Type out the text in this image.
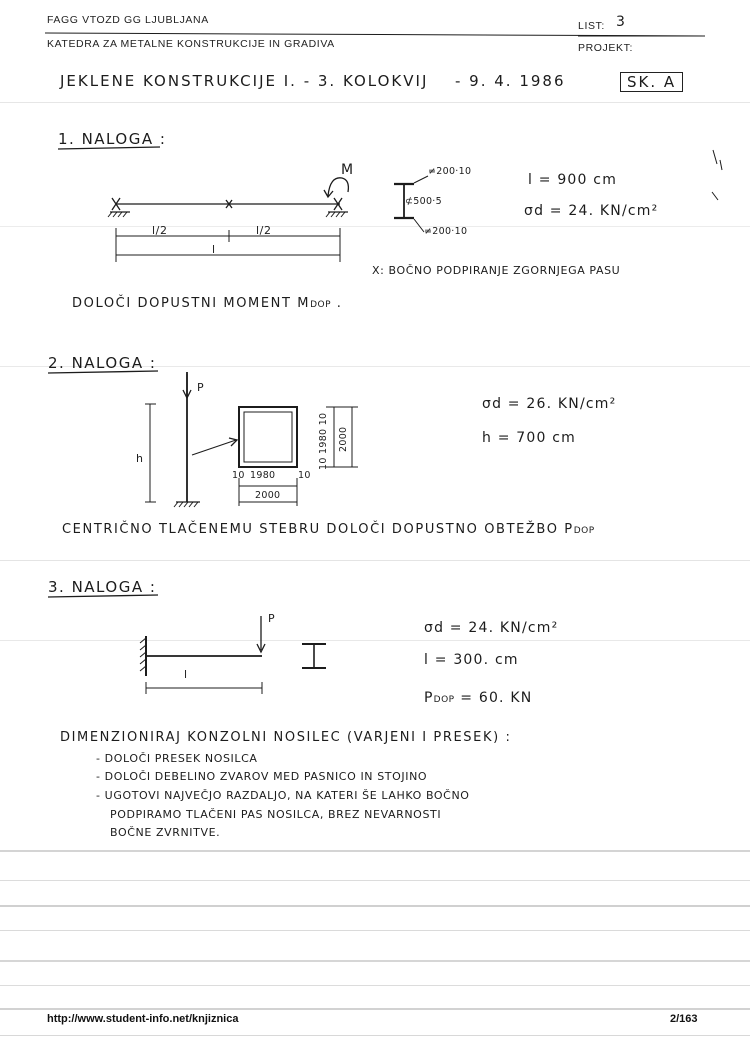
FAGG VTOZD GG LJUBLJANA
KATEDRA ZA METALNE KONSTRUKCIJE IN GRADIVA
LIST: 3
PROJEKT:
JEKLENE KONSTRUKCIJE I. - 3. KOLOKVIJ - 9. 4. 1986	SK. A
1. NALOGA :
M
l/2	l/2
l
≠200·10
⊄500·5
≠200·10
l = 900 cm
σd = 24. KN/cm²
X: BOČNO PODPIRANJE ZGORNJEGA PASU
DOLOČI DOPUSTNI MOMENT MDOP .
2. NALOGA :
P
h
σd = 26. KN/cm²
h = 700 cm
10 1980 10
2000
10 1980 10 2000
CENTRIČNO TLAČENEMU STEBRU DOLOČI DOPUSTNO OBTEŽBO PDOP
3. NALOGA :
P
l
σd = 24. KN/cm²
l = 300. cm
PDOP = 60. KN
DIMENZIONIRAJ KONZOLNI NOSILEC (VARJENI I PRESEK) :
- DOLOČI PRESEK NOSILCA
- DOLOČI DEBELINO ZVAROV MED PASNICO IN STOJINO
- UGOTOVI NAJVEČJO RAZDALJO, NA KATERI ŠE LAHKO BOČNO
PODPIRAMO TLAČENI PAS NOSILCA, BREZ NEVARNOSTI
BOČNE ZVRNITVE.
http://www.student-info.net/knjiznica	2/163
